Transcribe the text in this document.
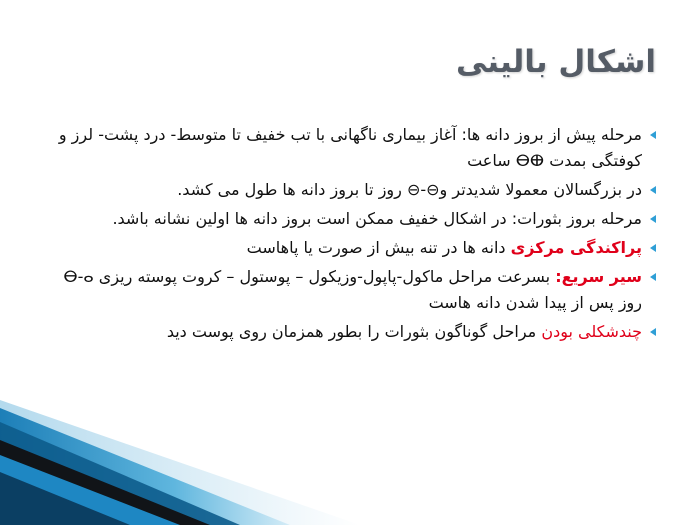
اشکال بالینی
مرحله پیش از بروز دانه ها: آغاز بیماری ناگهانی با تب خفیف تا متوسط- درد پشت- لرز و کوفتگی بمدت ⴱⴲ ساعت
در بزرگسالان معمولا شدیدتر و⊖-⊖ روز تا بروز دانه ها طول می کشد.
مرحله بروز بثورات: در اشکال خفیف ممکن است بروز دانه ها اولین نشانه باشد.
پراکندگی مرکزی دانه ها در تنه بیش از صورت یا پاهاست
سیر سریع: بسرعت مراحل ماکول-پاپول-وزیکول – پوستول – کروت پوسته ریزی ⴱ-ⴰ روز پس از پیدا شدن دانه هاست
چندشکلی بودن مراحل گوناگون بثورات را بطور همزمان روی پوست دید
